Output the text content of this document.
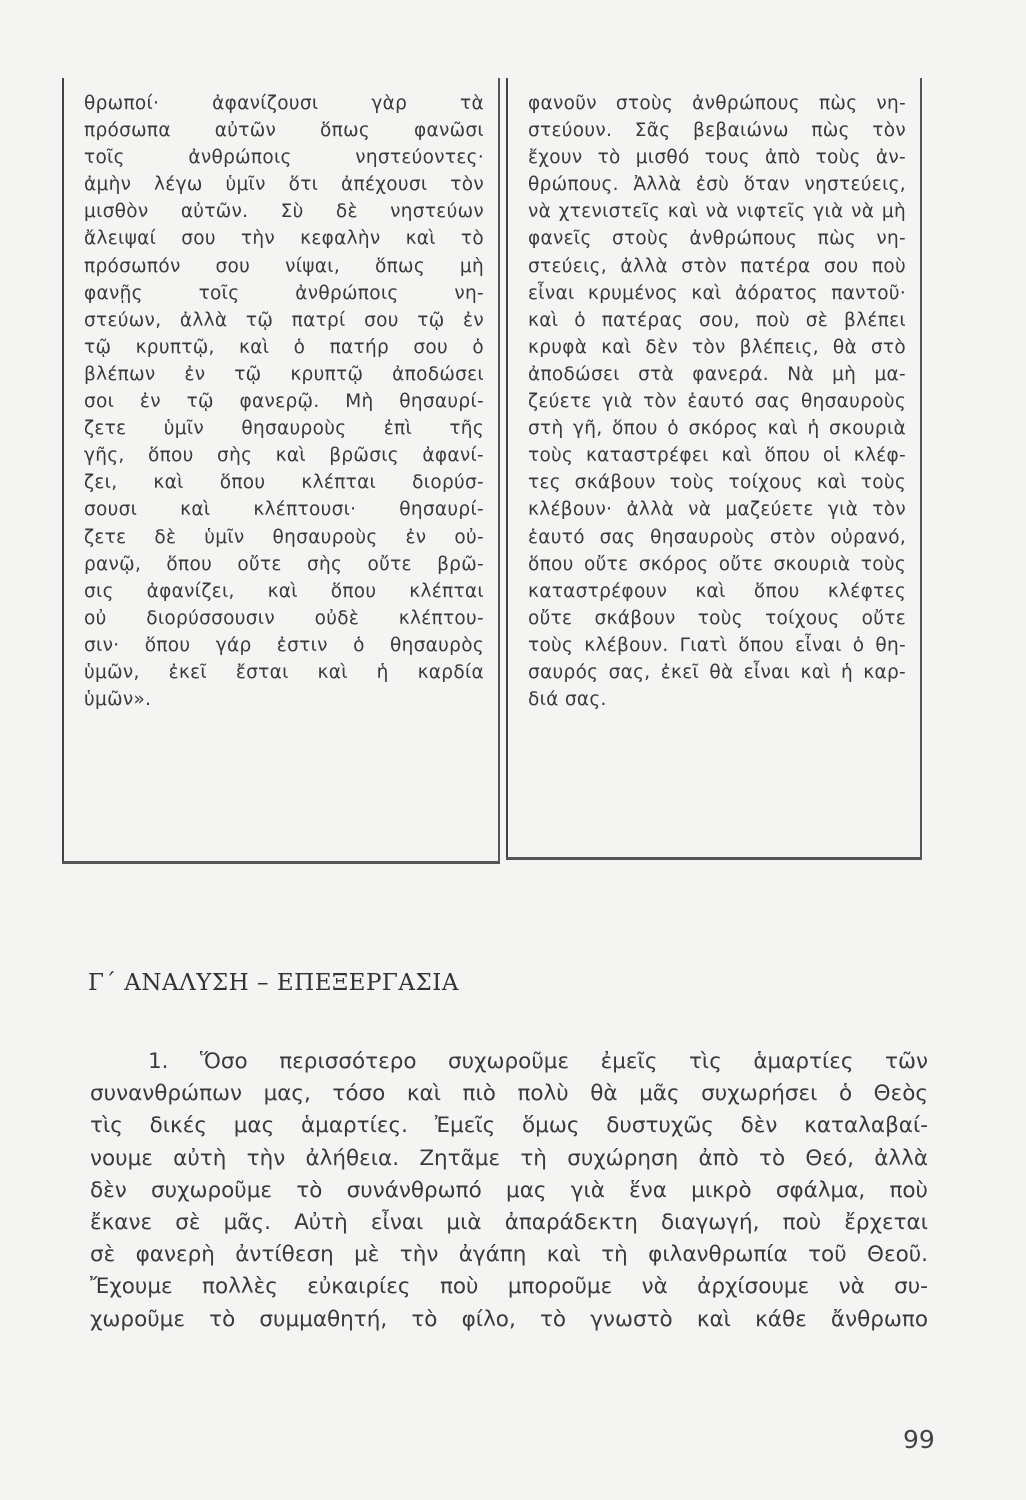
θρωποί· ἀφανίζουσι γὰρ τὰ
πρόσωπα αὐτῶν ὅπως φανῶσι
τοῖς ἀνθρώποις νηστεύοντες·
ἀμὴν λέγω ὑμῖν ὅτι ἀπέχουσι τὸν
μισθὸν αὐτῶν. Σὺ δὲ νηστεύων
ἄλειψαί σου τὴν κεφαλὴν καὶ τὸ
πρόσωπόν σου νίψαι, ὅπως μὴ
φανῇς τοῖς ἀνθρώποις νη-
στεύων, ἀλλὰ τῷ πατρί σου τῷ ἐν
τῷ κρυπτῷ, καὶ ὁ πατήρ σου ὁ
βλέπων ἐν τῷ κρυπτῷ ἀποδώσει
σοι ἐν τῷ φανερῷ. Μὴ θησαυρί-
ζετε ὑμῖν θησαυροὺς ἐπὶ τῆς
γῆς, ὅπου σὴς καὶ βρῶσις ἀφανί-
ζει, καὶ ὅπου κλέπται διορύσ-
σουσι καὶ κλέπτουσι· θησαυρί-
ζετε δὲ ὑμῖν θησαυροὺς ἐν οὐ-
ρανῷ, ὅπου οὔτε σὴς οὔτε βρῶ-
σις ἀφανίζει, καὶ ὅπου κλέπται
οὐ διορύσσουσιν οὐδὲ κλέπτου-
σιν· ὅπου γάρ ἐστιν ὁ θησαυρὸς
ὑμῶν, ἐκεῖ ἔσται καὶ ἡ καρδία
ὑμῶν».
φανοῦν στοὺς ἀνθρώπους πὼς νη-
στεύουν. Σᾶς βεβαιώνω πὼς τὸν
ἔχουν τὸ μισθό τους ἀπὸ τοὺς ἀν-
θρώπους. Ἀλλὰ ἐσὺ ὅταν νηστεύεις,
νὰ χτενιστεῖς καὶ νὰ νιφτεῖς γιὰ νὰ μὴ
φανεῖς στοὺς ἀνθρώπους πὼς νη-
στεύεις, ἀλλὰ στὸν πατέρα σου ποὺ
εἶναι κρυμένος καὶ ἀόρατος παντοῦ·
καὶ ὁ πατέρας σου, ποὺ σὲ βλέπει
κρυφὰ καὶ δὲν τὸν βλέπεις, θὰ στὸ
ἀποδώσει στὰ φανερά. Νὰ μὴ μα-
ζεύετε γιὰ τὸν ἑαυτό σας θησαυροὺς
στὴ γῆ, ὅπου ὁ σκόρος καὶ ἡ σκουριὰ
τοὺς καταστρέφει καὶ ὅπου οἱ κλέφ-
τες σκάβουν τοὺς τοίχους καὶ τοὺς
κλέβουν· ἀλλὰ νὰ μαζεύετε γιὰ τὸν
ἑαυτό σας θησαυροὺς στὸν οὐρανό,
ὅπου οὔτε σκόρος οὔτε σκουριὰ τοὺς
καταστρέφουν καὶ ὅπου κλέφτες
οὔτε σκάβουν τοὺς τοίχους οὔτε
τοὺς κλέβουν. Γιατὶ ὅπου εἶναι ὁ θη-
σαυρός σας, ἐκεῖ θὰ εἶναι καὶ ἡ καρ-
διά σας.
Γ΄ ΑΝΑΛΥΣΗ – ΕΠΕΞΕΡΓΑΣΙΑ
1. Ὅσο περισσότερο συχωροῦμε ἐμεῖς τὶς ἁμαρτίες τῶν
συνανθρώπων μας, τόσο καὶ πιὸ πολὺ θὰ μᾶς συχωρήσει ὁ Θεὸς
τὶς δικές μας ἁμαρτίες. Ἐμεῖς ὅμως δυστυχῶς δὲν καταλαβαί-
νουμε αὐτὴ τὴν ἀλήθεια. Ζητᾶμε τὴ συχώρηση ἀπὸ τὸ Θεό, ἀλλὰ
δὲν συχωροῦμε τὸ συνάνθρωπό μας γιὰ ἕνα μικρὸ σφάλμα, ποὺ
ἔκανε σὲ μᾶς. Αὐτὴ εἶναι μιὰ ἀπαράδεκτη διαγωγή, ποὺ ἔρχεται
σὲ φανερὴ ἀντίθεση μὲ τὴν ἀγάπη καὶ τὴ φιλανθρωπία τοῦ Θεοῦ.
Ἔχουμε πολλὲς εὐκαιρίες ποὺ μποροῦμε νὰ ἀρχίσουμε νὰ συ-
χωροῦμε τὸ συμμαθητή, τὸ φίλο, τὸ γνωστὸ καὶ κάθε ἄνθρωπο
99
